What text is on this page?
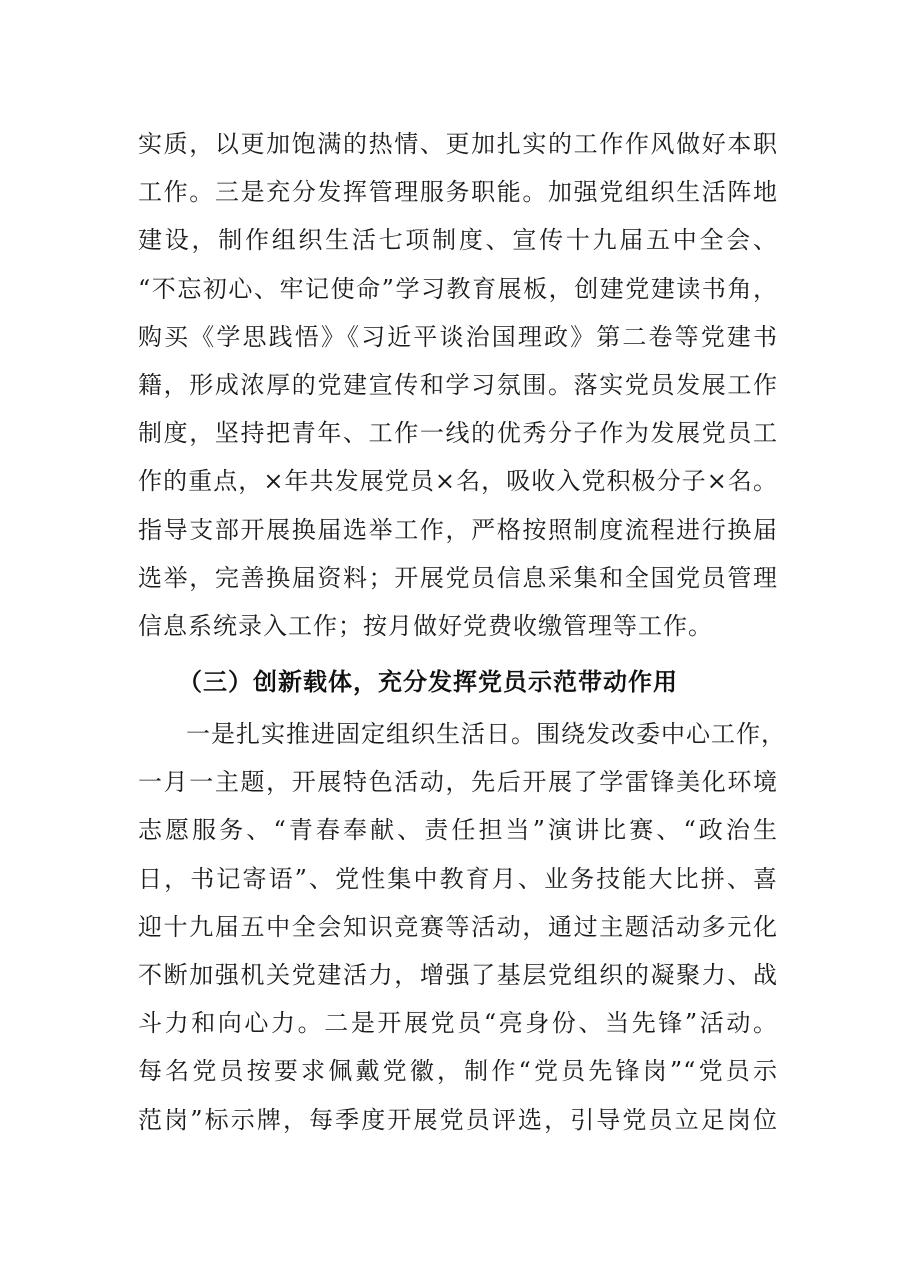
实质，以更加饱满的热情、更加扎实的工作作风做好本职
工作。三是充分发挥管理服务职能。加强党组织生活阵地
建设，制作组织生活七项制度、宣传十九届五中全会、
“不忘初心、牢记使命”学习教育展板，创建党建读书角，
购买《学思践悟》《习近平谈治国理政》第二卷等党建书
籍，形成浓厚的党建宣传和学习氛围。落实党员发展工作
制度，坚持把青年、工作一线的优秀分子作为发展党员工
作的重点，×年共发展党员×名，吸收入党积极分子×名。
指导支部开展换届选举工作，严格按照制度流程进行换届
选举，完善换届资料；开展党员信息采集和全国党员管理
信息系统录入工作；按月做好党费收缴管理等工作。
（三）创新载体，充分发挥党员示范带动作用
一是扎实推进固定组织生活日。围绕发改委中心工作，
一月一主题，开展特色活动，先后开展了学雷锋美化环境
志愿服务、“青春奉献、责任担当”演讲比赛、“政治生
日，书记寄语”、党性集中教育月、业务技能大比拼、喜
迎十九届五中全会知识竞赛等活动，通过主题活动多元化
不断加强机关党建活力，增强了基层党组织的凝聚力、战
斗力和向心力。二是开展党员“亮身份、当先锋”活动。
每名党员按要求佩戴党徽，制作“党员先锋岗”“党员示
范岗”标示牌，每季度开展党员评选，引导党员立足岗位
